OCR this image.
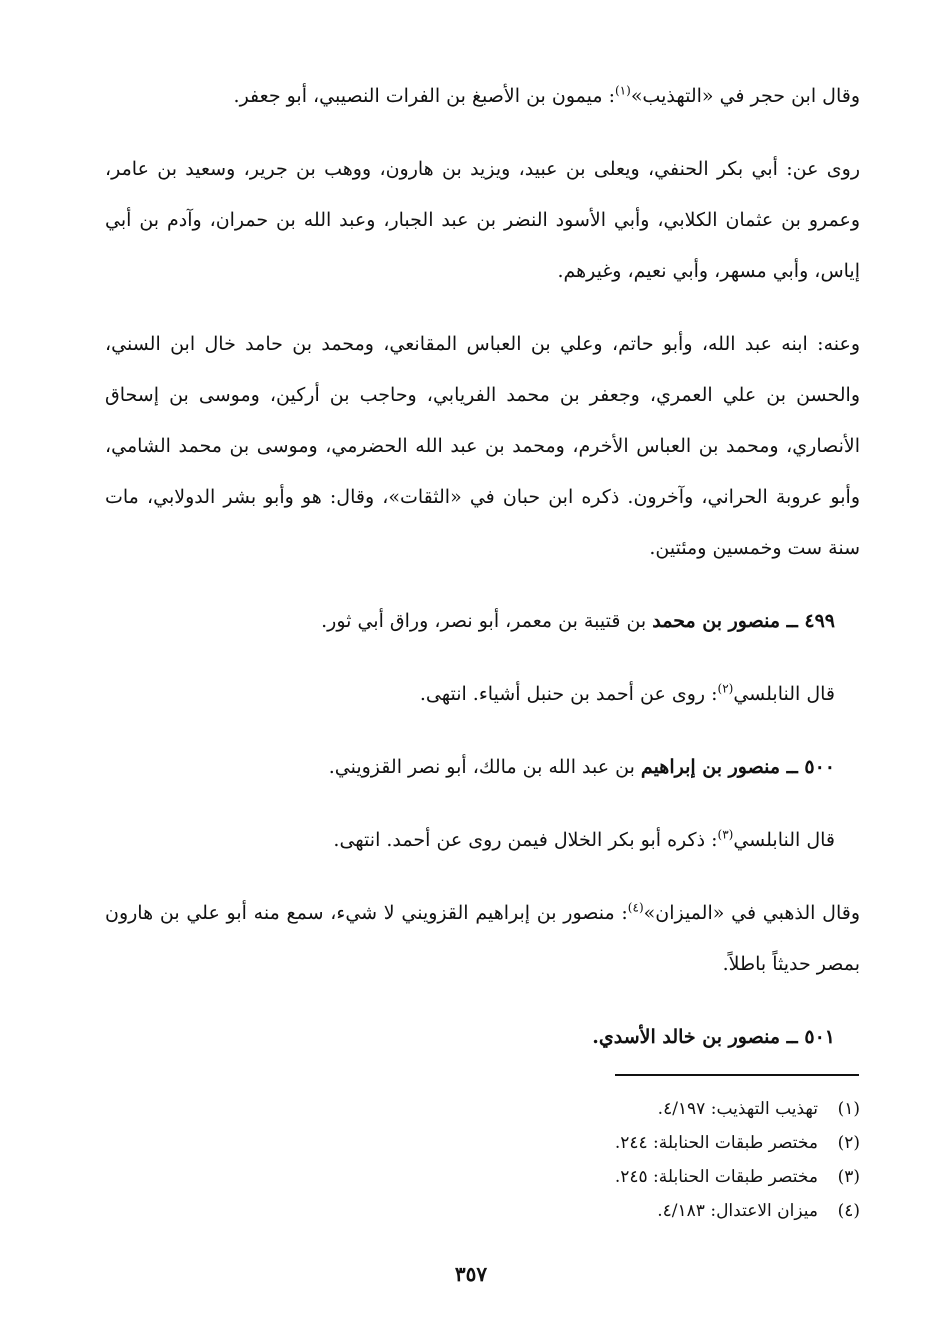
وقال ابن حجر في «التهذيب»$^{(١)}$: ميمون بن الأصبغ بن الفرات النصيبي، أبو جعفر.

روى عن: أبي بكر الحنفي، ويعلى بن عبيد، ويزيد بن هارون، ووهب بن جرير، وسعيد بن عامر، وعمرو بن عثمان الكلابي، وأبي الأسود النضر بن عبد الجبار، وعبد الله بن حمران، وآدم بن أبي إياس، وأبي مسهر، وأبي نعيم، وغيرهم.

وعنه: ابنه عبد الله، وأبو حاتم، وعلي بن العباس المقانعي، ومحمد بن حامد خال ابن السني، والحسن بن علي العمري، وجعفر بن محمد الفريابي، وحاجب بن أركين، وموسى بن إسحاق الأنصاري، ومحمد بن العباس الأخرم، ومحمد بن عبد الله الحضرمي، وموسى بن محمد الشامي، وأبو عروبة الحراني، وآخرون. ذكره ابن حبان في «الثقات»، وقال: هو وأبو بشر الدولابي، مات سنة ست وخمسين ومئتين.

٤٩٩ ــ منصور بن محمد بن قتيبة بن معمر، أبو نصر، وراق أبي ثور.

قال النابلسي$^{(٢)}$: روى عن أحمد بن حنبل أشياء. انتهى.

٥٠٠ ــ منصور بن إبراهيم بن عبد الله بن مالك، أبو نصر القزويني.

قال النابلسي$^{(٣)}$: ذكره أبو بكر الخلال فيمن روى عن أحمد. انتهى.

وقال الذهبي في «الميزان»$^{(٤)}$: منصور بن إبراهيم القزويني لا شيء، سمع منه أبو علي بن هارون بمصر حديثاً باطلاً.

٥٠١ ــ منصور بن خالد الأسدي.

(١)
تهذيب التهذيب: ٤/١٩٧.
(٢)
مختصر طبقات الحنابلة: ٢٤٤.
(٣)
مختصر طبقات الحنابلة: ٢٤٥.
(٤)
ميزان الاعتدال: ٤/١٨٣.
٣٥٧
